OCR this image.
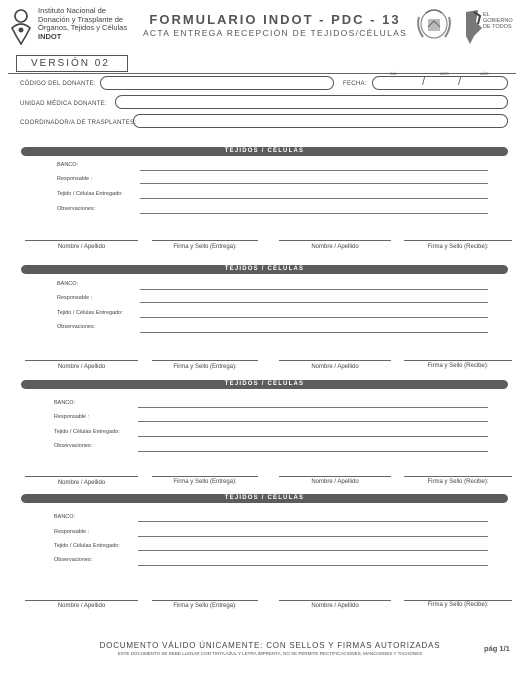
Instituto Nacional de
Donación y Trasplante de
Órganos, Tejidos y Células
INDOT
FORMULARIO INDOT - PDC - 13
ACTA ENTREGA RECEPCIÓN DE TEJIDOS/CÉLULAS
EL
GOBIERNO
DE TODOS
VERSIÓN 02
CÓDIGO DEL DONANTE:	FECHA:
DÍA	MES	AÑO
/	/
UNIDAD MÉDICA DONANTE:
COORDINADOR/A DE TRASPLANTES:
TEJIDOS / CÉLULAS
BANCO:
Responsable :
Tejido / Células Entregado:
Observaciones:
Nombre / Apellido	Firma y Sello (Entrega):	Nombre / Apellido	Firma y Sello (Recibe):
TEJIDOS / CÉLULAS
BANCO:
Responsable :
Tejido / Células Entregado:
Observaciones:
Nombre / Apellido	Firma y Sello (Entrega):	Nombre / Apellido	Firma y Sello (Recibe):
TEJIDOS / CÉLULAS
BANCO:
Responsable :
Tejido / Células Entregado:
Observaciones:
Nombre / Apellido	Firma y Sello (Entrega):	Nombre / Apellido	Firma y Sello (Recibe):
TEJIDOS / CÉLULAS
BANCO:
Responsable :
Tejido / Células Entregado:
Observaciones:
Nombre / Apellido	Firma y Sello (Entrega):	Nombre / Apellido	Firma y Sello (Recibe):
DOCUMENTO VÁLIDO ÚNICAMENTE: CON SELLOS Y FIRMAS AUTORIZADAS
ESTE DOCUMENTO SE DEBE LLENAR CON TINTA AZUL Y LETRA IMPRENTA, NO SE PERMITE RECTIFICACIONES, MANCHONES Y TACHONES
pág 1/1
